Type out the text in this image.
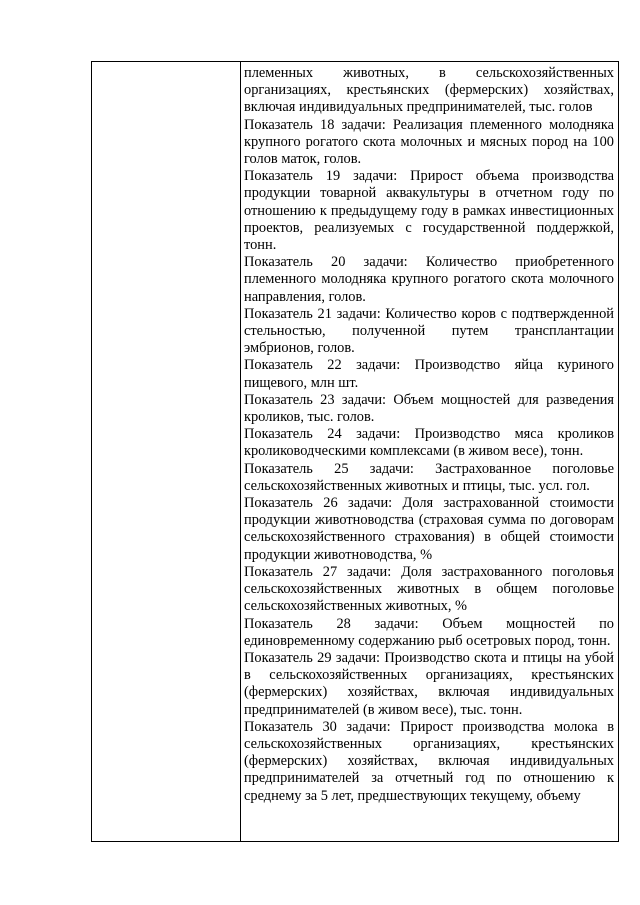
племенных животных, в сельскохозяйственных организациях, крестьянских (фермерских) хозяйствах, включая индивидуальных предпринимателей, тыс. голов

Показатель 18 задачи: Реализация племенного молодняка крупного рогатого скота молочных и мясных пород на 100 голов маток, голов.

Показатель 19 задачи: Прирост объема производства продукции товарной аквакультуры в отчетном году по отношению к предыдущему году в рамках инвестиционных проектов, реализуемых с государственной поддержкой, тонн.

Показатель 20 задачи: Количество приобретенного племенного молодняка крупного рогатого скота молочного направления, голов.

Показатель 21 задачи: Количество коров с подтвержденной стельностью, полученной путем трансплантации эмбрионов, голов.

Показатель 22 задачи: Производство яйца куриного пищевого, млн шт.

Показатель 23 задачи: Объем мощностей для разведения кроликов, тыс. голов.

Показатель 24 задачи: Производство мяса кроликов кролиководческими комплексами (в живом весе), тонн.

Показатель 25 задачи: Застрахованное поголовье сельскохозяйственных животных и птицы, тыс. усл. гол.

Показатель 26 задачи: Доля застрахованной стоимости продукции животноводства (страховая сумма по договорам сельскохозяйственного страхования) в общей стоимости продукции животноводства, %

Показатель 27 задачи: Доля застрахованного поголовья сельскохозяйственных животных в общем поголовье сельскохозяйственных животных, %

Показатель 28 задачи: Объем мощностей по единовременному содержанию рыб осетровых пород, тонн.

Показатель 29 задачи: Производство скота и птицы на убой в сельскохозяйственных организациях, крестьянских (фермерских) хозяйствах, включая индивидуальных предпринимателей (в живом весе), тыс. тонн.

Показатель 30 задачи: Прирост производства молока в сельскохозяйственных организациях, крестьянских (фермерских) хозяйствах, включая индивидуальных предпринимателей за отчетный год по отношению к среднему за 5 лет, предшествующих текущему, объему
